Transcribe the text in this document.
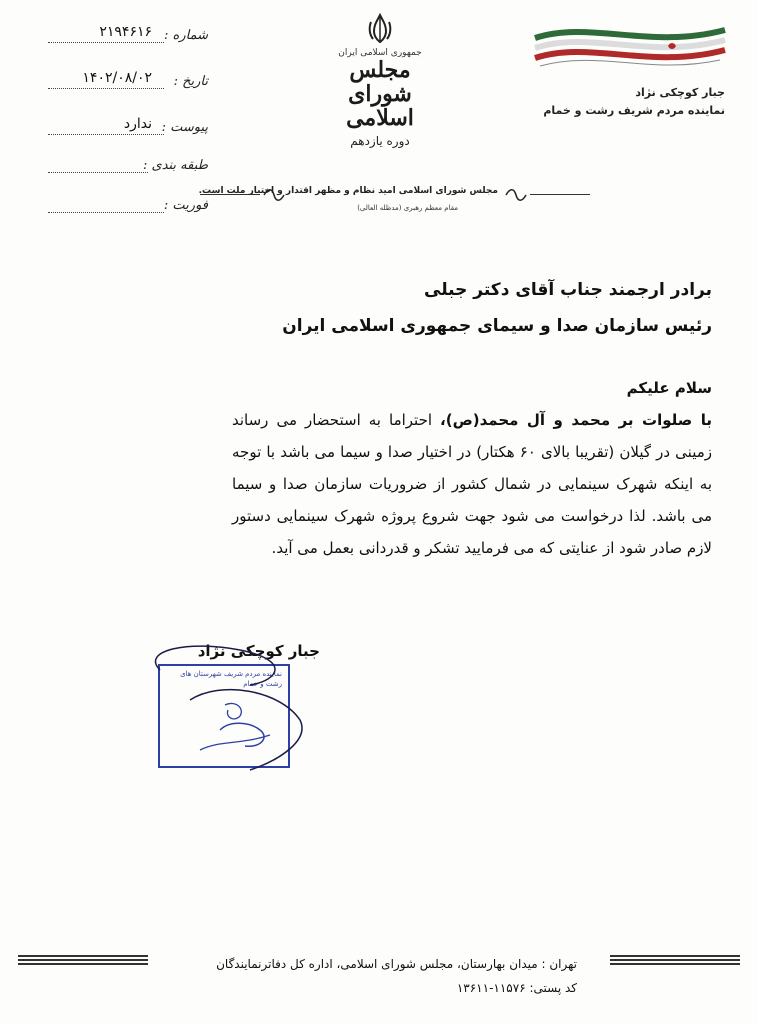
شماره :
۲۱۹۴۶۱۶
تاریخ :
۱۴۰۲/۰۸/۰۲
پیوست :
ندارد
طبقه بندی :
فوریت :
جمهوری اسلامی ایران
مجلس شورای اسلامی
دوره یازدهم
جبار کوچکی نژاد
نماینده مردم شریف رشت و خمام
مجلس شورای اسلامی امید نظام و مظهر اقتدار و اختیار ملت است.
مقام معظم رهبری (مدظله العالی)
برادر ارجمند جناب آقای دکتر جبلی
رئیس سازمان صدا و سیمای جمهوری اسلامی ایران
سلام علیکم

با صلوات بر محمد و آل محمد(ص)، احتراما به استحضار می رساند زمینی در گیلان (تقریبا بالای ۶۰ هکتار) در اختیار صدا و سیما می باشد با توجه به اینکه شهرک سینمایی در شمال کشور از ضروریات سازمان صدا و سیما می باشد. لذا درخواست می شود جهت شروع پروژه شهرک سینمایی دستور لازم صادر شود از عنایتی که می فرمایید تشکر و قدردانی بعمل می آید.

جبار کوچکی نژاد
نماینده مردم شریف شهرستان های
رشت و خمام
تهران : میدان بهارستان، مجلس شورای اسلامی، اداره کل دفاترنمایندگان
کد پستی: ۱۱۵۷۶-۱۳۶۱۱
